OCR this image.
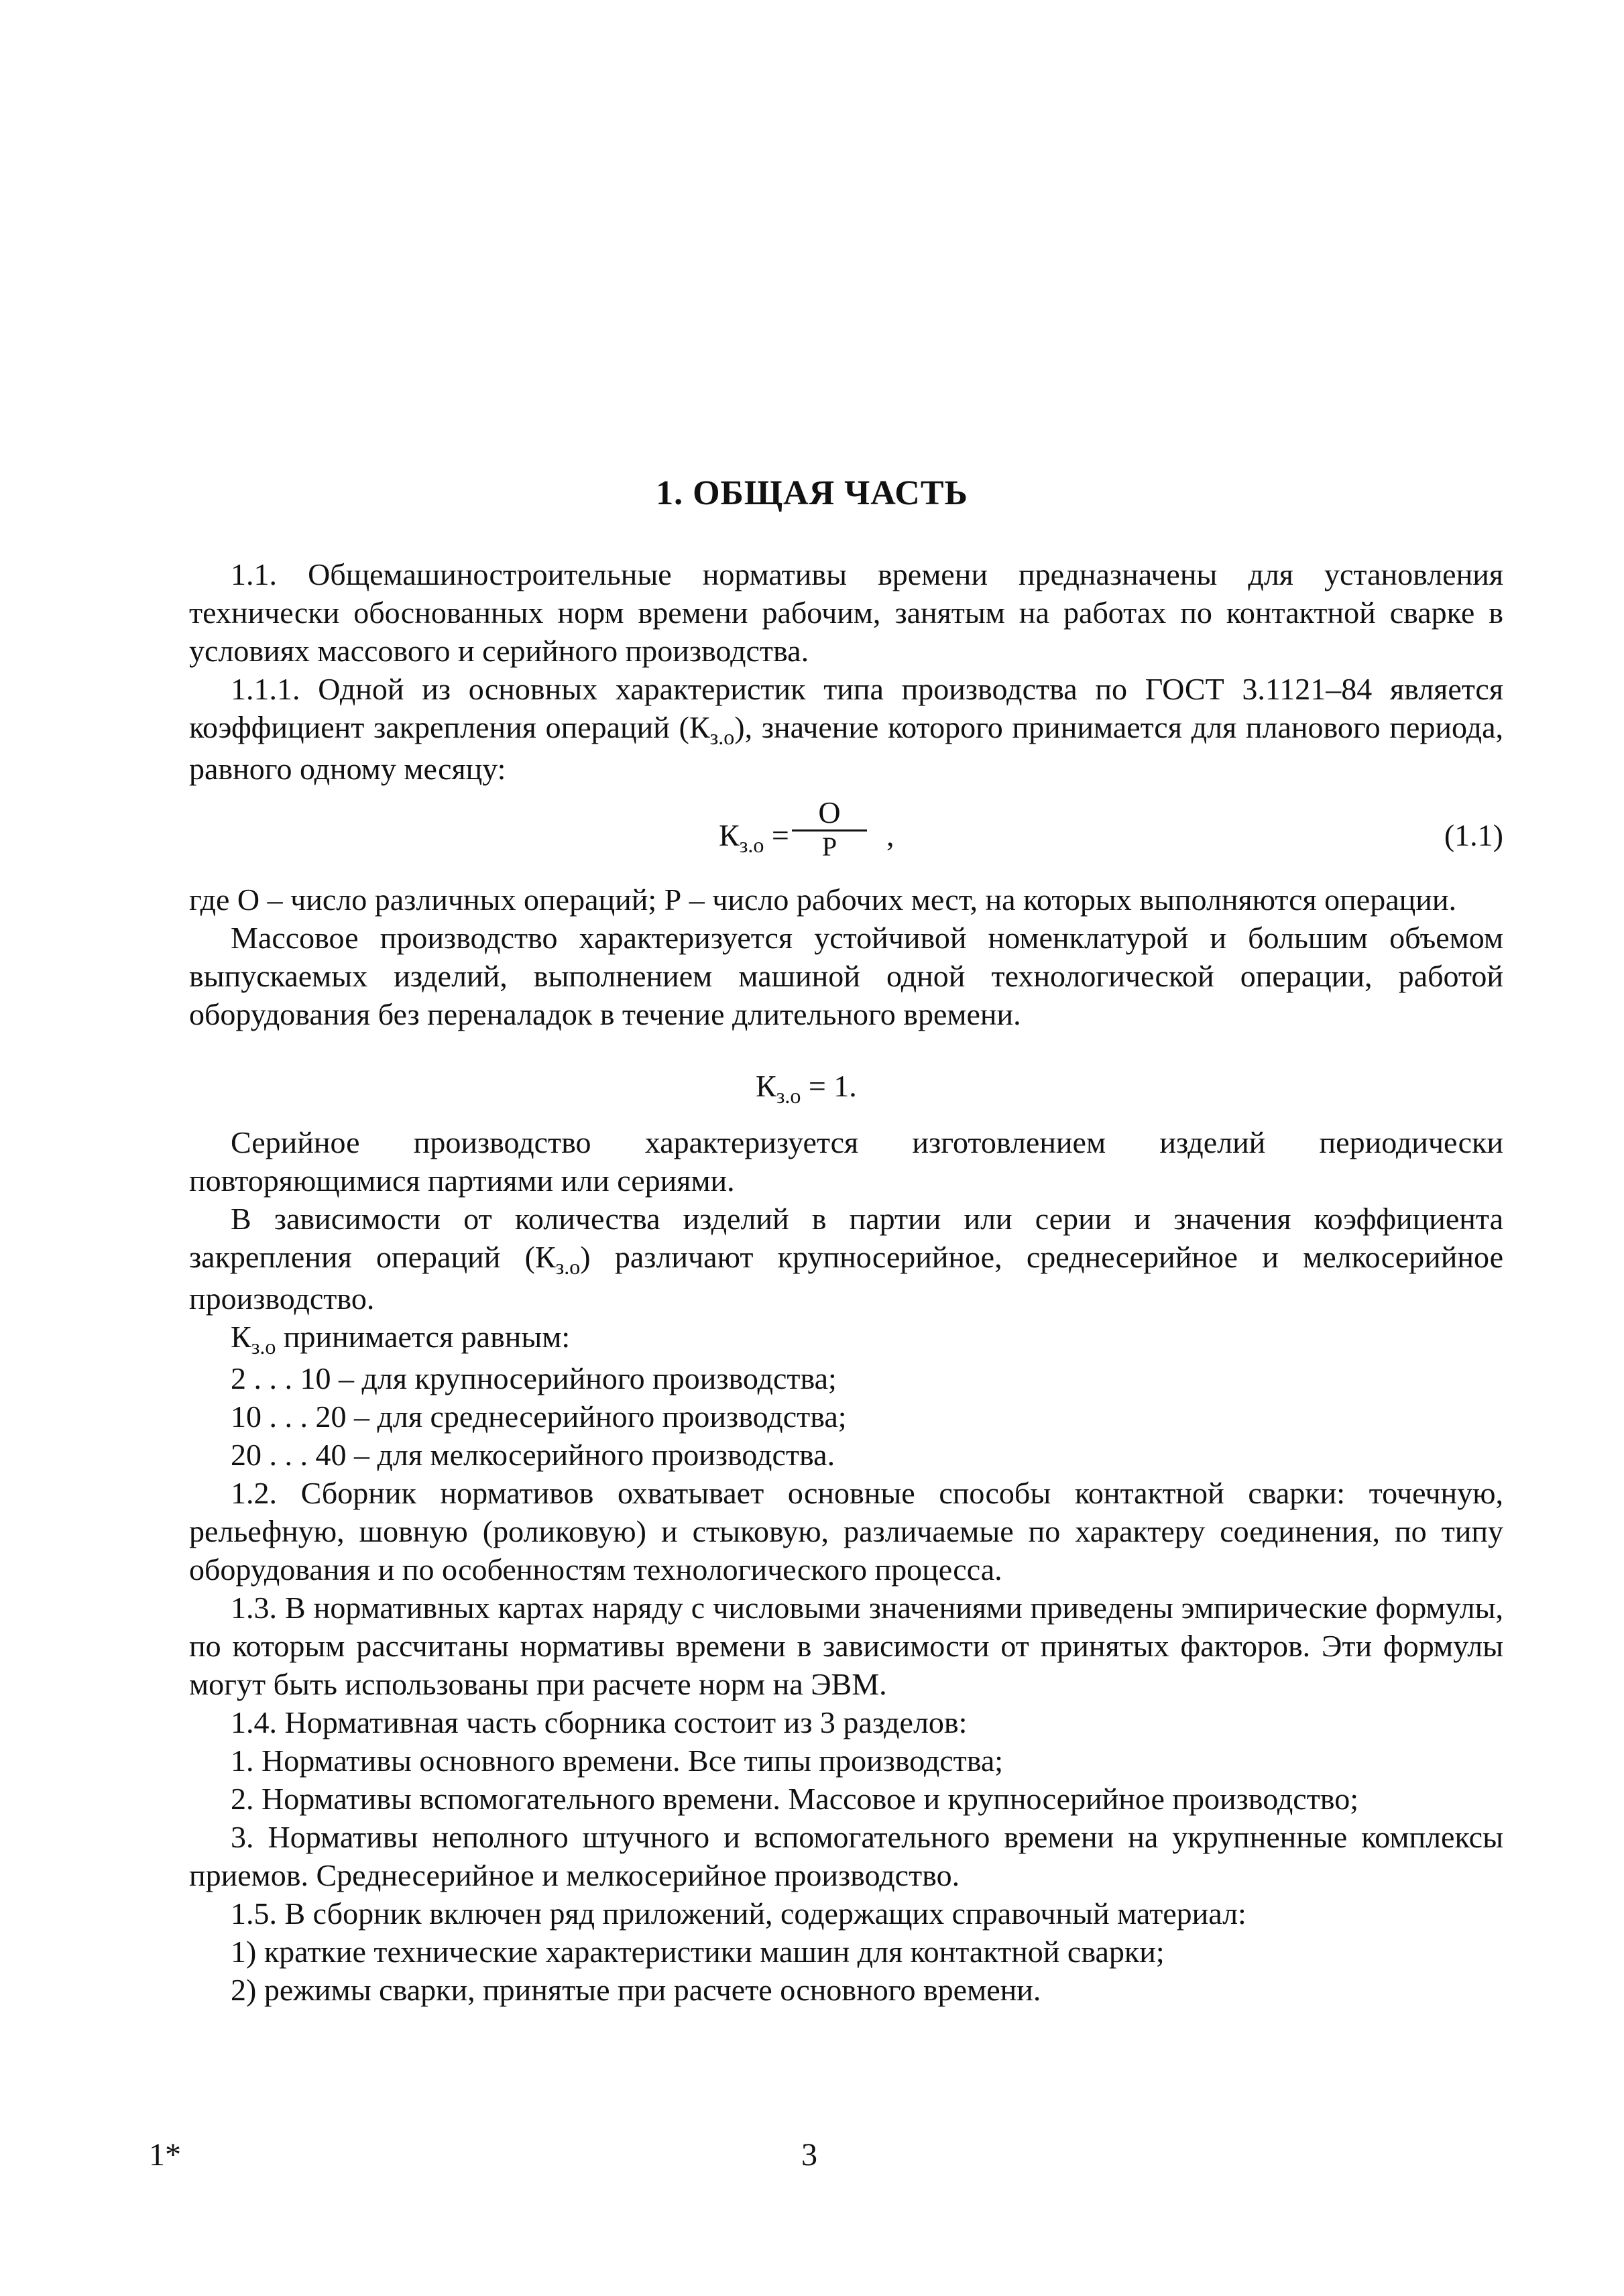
1. ОБЩАЯ ЧАСТЬ

1.1. Общемашиностроительные нормативы времени предназначены для установления технически обоснованных норм времени рабочим, занятым на работах по контактной сварке в условиях массового и серийного производства.

1.1.1. Одной из основных характеристик типа производства по ГОСТ 3.1121–84 является коэффициент закрепления операций $(К_{з.о})$, значение которого принимается для планового периода, равного одному месяцу:

$К_{з.о}$ =
О
Р	,	(1.1)

где О – число различных операций; Р – число рабочих мест, на которых выполняются операции.

Массовое производство характеризуется устойчивой номенклатурой и большим объемом выпускаемых изделий, выполнением машиной одной технологической операции, работой оборудования без переналадок в течение длительного времени.

$К_{з.о} = 1$.

Серийное производство характеризуется изготовлением изделий периодически повторяющимися партиями или сериями.

В зависимости от количества изделий в партии или серии и значения коэффициента закрепления операций $(К_{з.о})$ различают крупносерийное, среднесерийное и мелкосерийное производство.

$К_{з.о}$ принимается равным:

2 . . . 10 – для крупносерийного производства;

10 . . . 20 – для среднесерийного производства;

20 . . . 40 – для мелкосерийного производства.

1.2. Сборник нормативов охватывает основные способы контактной сварки: точечную, рельефную, шовную (роликовую) и стыковую, различаемые по характеру соединения, по типу оборудования и по особенностям технологического процесса.

1.3. В нормативных картах наряду с числовыми значениями приведены эмпирические формулы, по которым рассчитаны нормативы времени в зависимости от принятых факторов. Эти формулы могут быть использованы при расчете норм на ЭВМ.

1.4. Нормативная часть сборника состоит из 3 разделов:

1. Нормативы основного времени. Все типы производства;

2. Нормативы вспомогательного времени. Массовое и крупносерийное производство;

3. Нормативы неполного штучного и вспомогательного времени на укрупненные комплексы приемов. Среднесерийное и мелкосерийное производство.

1.5. В сборник включен ряд приложений, содержащих справочный материал:

1) краткие технические характеристики машин для контактной сварки;

2) режимы сварки, принятые при расчете основного времени.

1*	3
